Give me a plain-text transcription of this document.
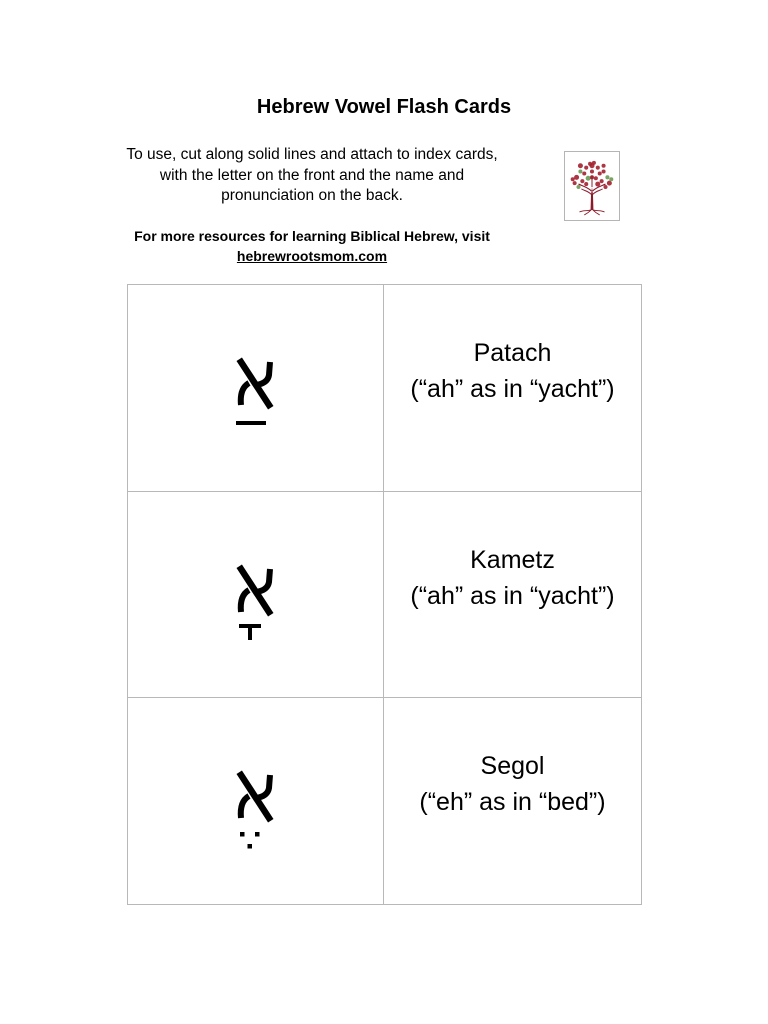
Hebrew Vowel Flash Cards

To use, cut along solid lines and attach to index cards,
with the letter on the front and the name and
pronunciation on the back.

For more resources for learning Biblical Hebrew, visit
hebrewrootsmom.com

Patach
(“ah” as in “yacht”)
Kametz
(“ah” as in “yacht”)
Segol
(“eh” as in “bed”)
